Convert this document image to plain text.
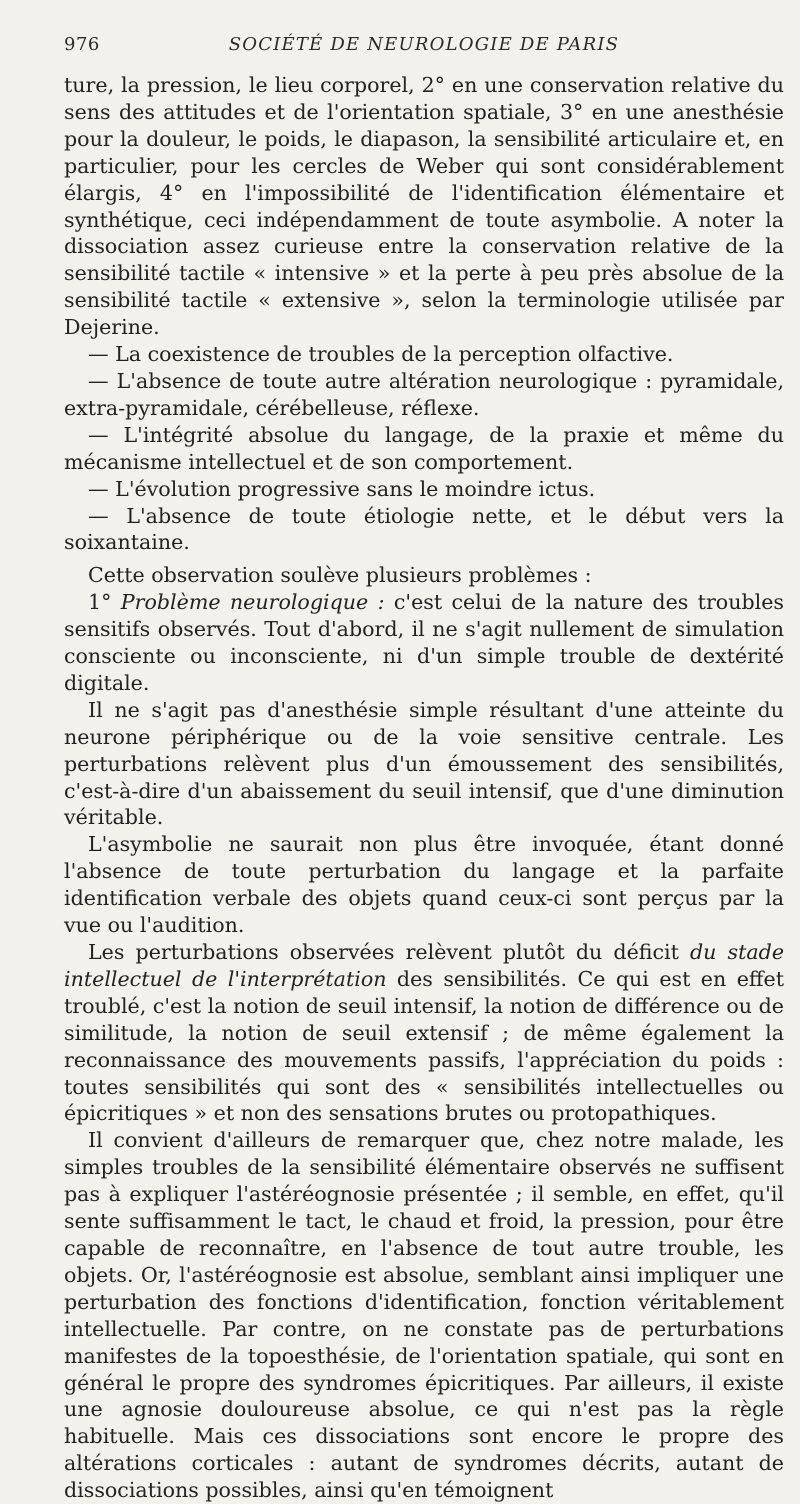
976	SOCIÉTÉ DE NEUROLOGIE DE PARIS

ture, la pression, le lieu corporel, 2° en une conservation relative du sens des attitudes et de l'orientation spatiale, 3° en une anesthésie pour la douleur, le poids, le diapason, la sensibilité articulaire et, en particulier, pour les cercles de Weber qui sont considérablement élargis, 4° en l'impossibilité de l'identification élémentaire et synthétique, ceci indépendamment de toute asymbolie. A noter la dissociation assez curieuse entre la conservation relative de la sensibilité tactile « intensive » et la perte à peu près absolue de la sensibilité tactile « extensive », selon la terminologie utilisée par Dejerine.

— La coexistence de troubles de la perception olfactive.

— L'absence de toute autre altération neurologique : pyramidale, extra-pyramidale, cérébelleuse, réflexe.

— L'intégrité absolue du langage, de la praxie et même du mécanisme intellectuel et de son comportement.

— L'évolution progressive sans le moindre ictus.

— L'absence de toute étiologie nette, et le début vers la soixantaine.

Cette observation soulève plusieurs problèmes :

1° Problème neurologique : c'est celui de la nature des troubles sensitifs observés. Tout d'abord, il ne s'agit nullement de simulation consciente ou inconsciente, ni d'un simple trouble de dextérité digitale.

Il ne s'agit pas d'anesthésie simple résultant d'une atteinte du neurone périphérique ou de la voie sensitive centrale. Les perturbations relèvent plus d'un émoussement des sensibilités, c'est-à-dire d'un abaissement du seuil intensif, que d'une diminution véritable.

L'asymbolie ne saurait non plus être invoquée, étant donné l'absence de toute perturbation du langage et la parfaite identification verbale des objets quand ceux-ci sont perçus par la vue ou l'audition.

Les perturbations observées relèvent plutôt du déficit du stade intellectuel de l'interprétation des sensibilités. Ce qui est en effet troublé, c'est la notion de seuil intensif, la notion de différence ou de similitude, la notion de seuil extensif ; de même également la reconnaissance des mouvements passifs, l'appréciation du poids : toutes sensibilités qui sont des « sensibilités intellectuelles ou épicritiques » et non des sensations brutes ou protopathiques.

Il convient d'ailleurs de remarquer que, chez notre malade, les simples troubles de la sensibilité élémentaire observés ne suffisent pas à expliquer l'astéréognosie présentée ; il semble, en effet, qu'il sente suffisamment le tact, le chaud et froid, la pression, pour être capable de reconnaître, en l'absence de tout autre trouble, les objets. Or, l'astéréognosie est absolue, semblant ainsi impliquer une perturbation des fonctions d'identification, fonction véritablement intellectuelle. Par contre, on ne constate pas de perturbations manifestes de la topoesthésie, de l'orientation spatiale, qui sont en général le propre des syndromes épicritiques. Par ailleurs, il existe une agnosie douloureuse absolue, ce qui n'est pas la règle habituelle. Mais ces dissociations sont encore le propre des altérations corticales : autant de syndromes décrits, autant de dissociations possibles, ainsi qu'en témoignent
